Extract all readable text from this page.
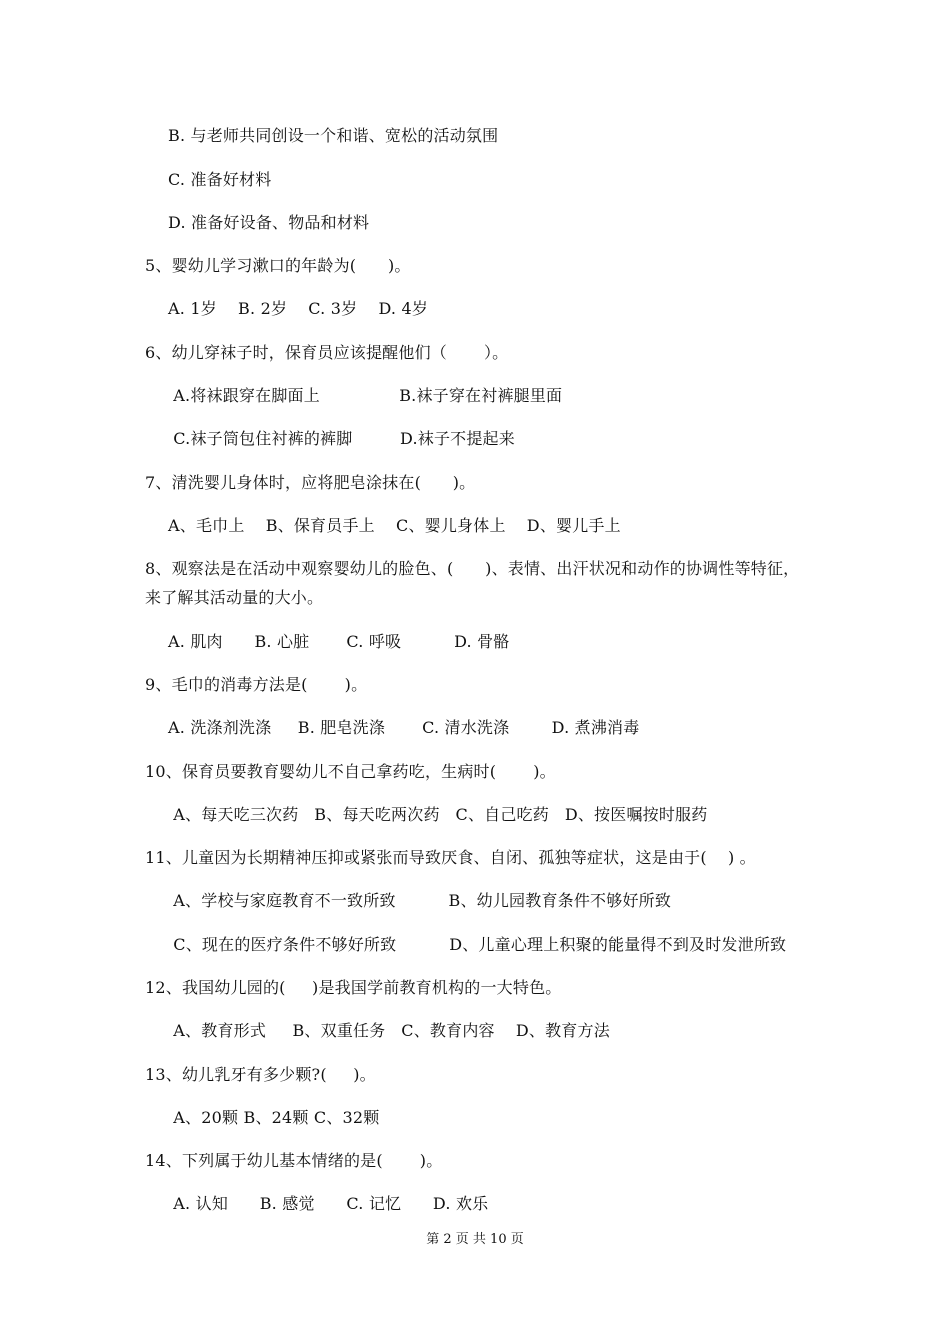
B. 与老师共同创设一个和谐、宽松的活动氛围
C. 准备好材料
D. 准备好设备、物品和材料
5、婴幼儿学习漱口的年龄为(      )。
A. 1岁    B. 2岁    C. 3岁    D. 4岁
6、幼儿穿袜子时，保育员应该提醒他们（       ）。
A.将袜跟穿在脚面上               B.袜子穿在衬裤腿里面
C.袜子筒包住衬裤的裤脚         D.袜子不提起来
7、清洗婴儿身体时，应将肥皂涂抹在(      )。
A、毛巾上    B、保育员手上    C、婴儿身体上    D、婴儿手上
8、观察法是在活动中观察婴幼儿的脸色、(      )、表情、出汗状况和动作的协调性等特征，
来了解其活动量的大小。
A. 肌肉      B. 心脏       C. 呼吸          D. 骨骼
9、毛巾的消毒方法是(       )。
A. 洗涤剂洗涤     B. 肥皂洗涤       C. 清水洗涤        D. 煮沸消毒
10、保育员要教育婴幼儿不自己拿药吃，生病时(       )。
A、每天吃三次药   B、每天吃两次药   C、自己吃药   D、按医嘱按时服药
11、儿童因为长期精神压抑或紧张而导致厌食、自闭、孤独等症状，这是由于(    ) 。
A、学校与家庭教育不一致所致          B、幼儿园教育条件不够好所致
C、现在的医疗条件不够好所致          D、儿童心理上积聚的能量得不到及时发泄所致
12、我国幼儿园的(     )是我国学前教育机构的一大特色。
A、教育形式     B、双重任务   C、教育内容    D、教育方法
13、幼儿乳牙有多少颗?(     )。
A、20颗 B、24颗 C、32颗
14、下列属于幼儿基本情绪的是(       )。
A. 认知      B. 感觉      C. 记忆      D. 欢乐
第 2 页 共 10 页
